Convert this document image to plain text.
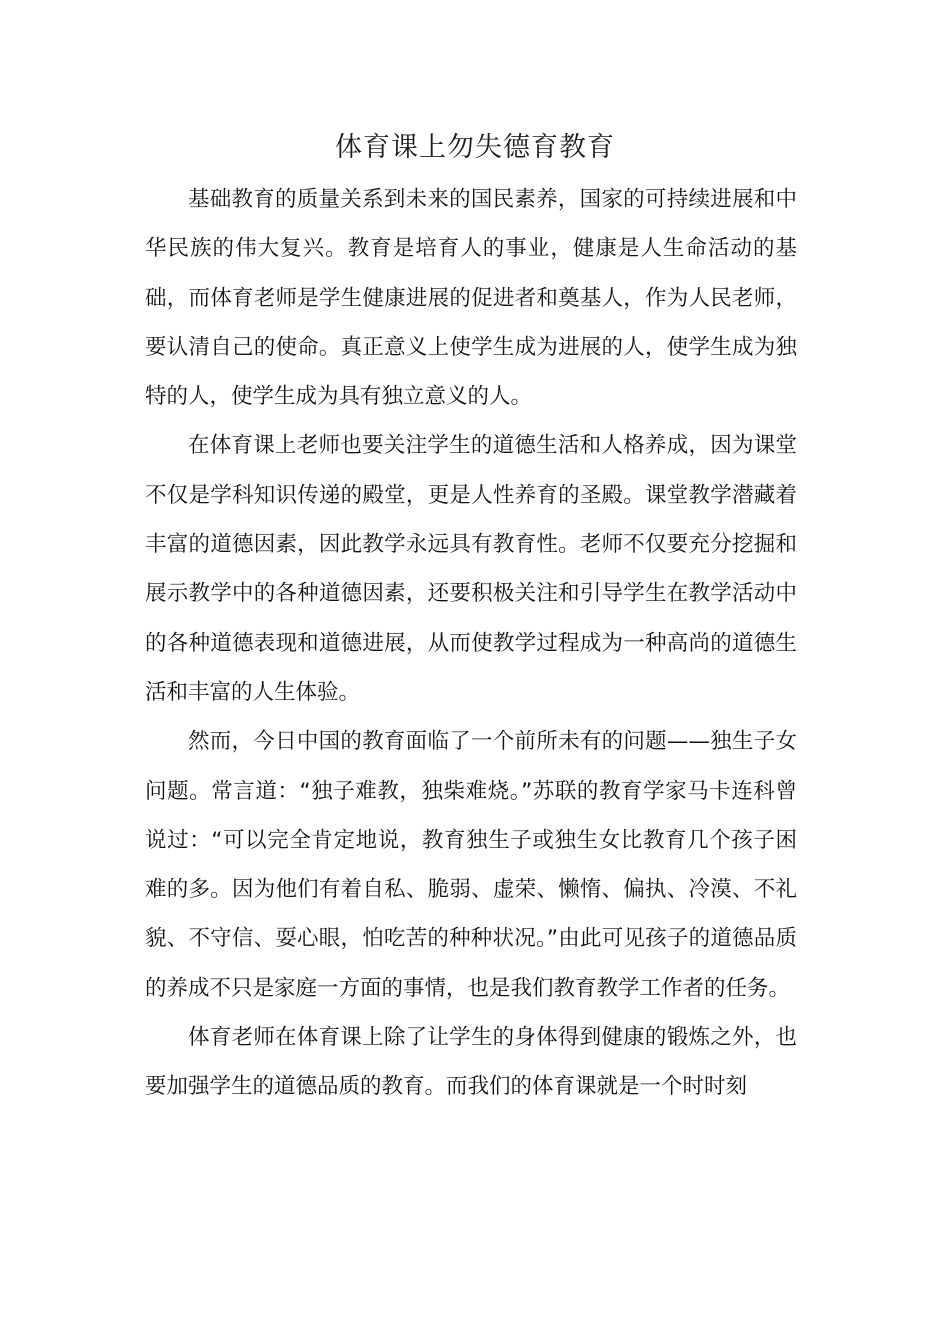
体育课上勿失德育教育

基础教育的质量关系到未来的国民素养，国家的可持续进展和中华民族的伟大复兴。教育是培育人的事业，健康是人生命活动的基础，而体育老师是学生健康进展的促进者和奠基人，作为人民老师，要认清自己的使命。真正意义上使学生成为进展的人，使学生成为独特的人，使学生成为具有独立意义的人。

在体育课上老师也要关注学生的道德生活和人格养成，因为课堂不仅是学科知识传递的殿堂，更是人性养育的圣殿。课堂教学潜藏着丰富的道德因素，因此教学永远具有教育性。老师不仅要充分挖掘和展示教学中的各种道德因素，还要积极关注和引导学生在教学活动中的各种道德表现和道德进展，从而使教学过程成为一种高尚的道德生活和丰富的人生体验。

然而，今日中国的教育面临了一个前所未有的问题——独生子女问题。常言道：“独子难教，独柴难烧。”苏联的教育学家马卡连科曾说过：“可以完全肯定地说，教育独生子或独生女比教育几个孩子困难的多。因为他们有着自私、脆弱、虚荣、懒惰、偏执、冷漠、不礼貌、不守信、耍心眼，怕吃苦的种种状况。”由此可见孩子的道德品质的养成不只是家庭一方面的事情，也是我们教育教学工作者的任务。

体育老师在体育课上除了让学生的身体得到健康的锻炼之外，也要加强学生的道德品质的教育。而我们的体育课就是一个时时刻
